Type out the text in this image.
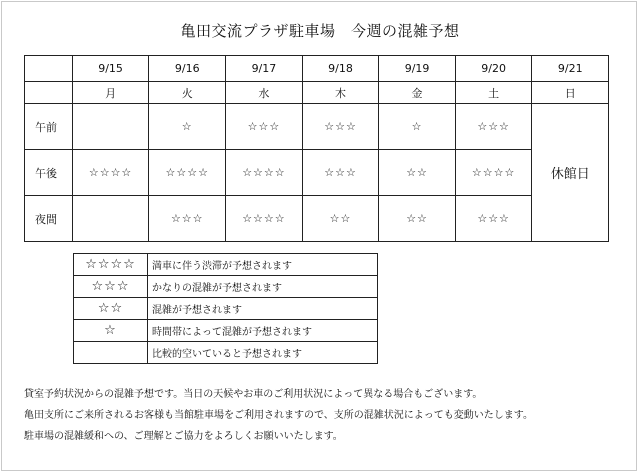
亀田交流プラザ駐車場　今週の混雑予想
	9/15	9/16	9/17	9/18	9/19	9/20	9/21
	月	火	水	木	金	土	日
午前		☆	☆☆☆	☆☆☆	☆	☆☆☆	休館日
午後	☆☆☆☆	☆☆☆☆	☆☆☆☆	☆☆☆	☆☆	☆☆☆☆	
夜間		☆☆☆	☆☆☆☆	☆☆	☆☆	☆☆☆	
☆☆☆☆	満車に伴う渋滞が予想されます
☆☆☆	かなりの混雑が予想されます
☆☆	混雑が予想されます
☆	時間帯によって混雑が予想されます
	比較的空いていると予想されます
貸室予約状況からの混雑予想です。当日の天候やお車のご利用状況によって異なる場合もございます。
亀田支所にご来所されるお客様も当館駐車場をご利用されますので、支所の混雑状況によっても変動いたします。
駐車場の混雑緩和への、ご理解とご協力をよろしくお願いいたします。
